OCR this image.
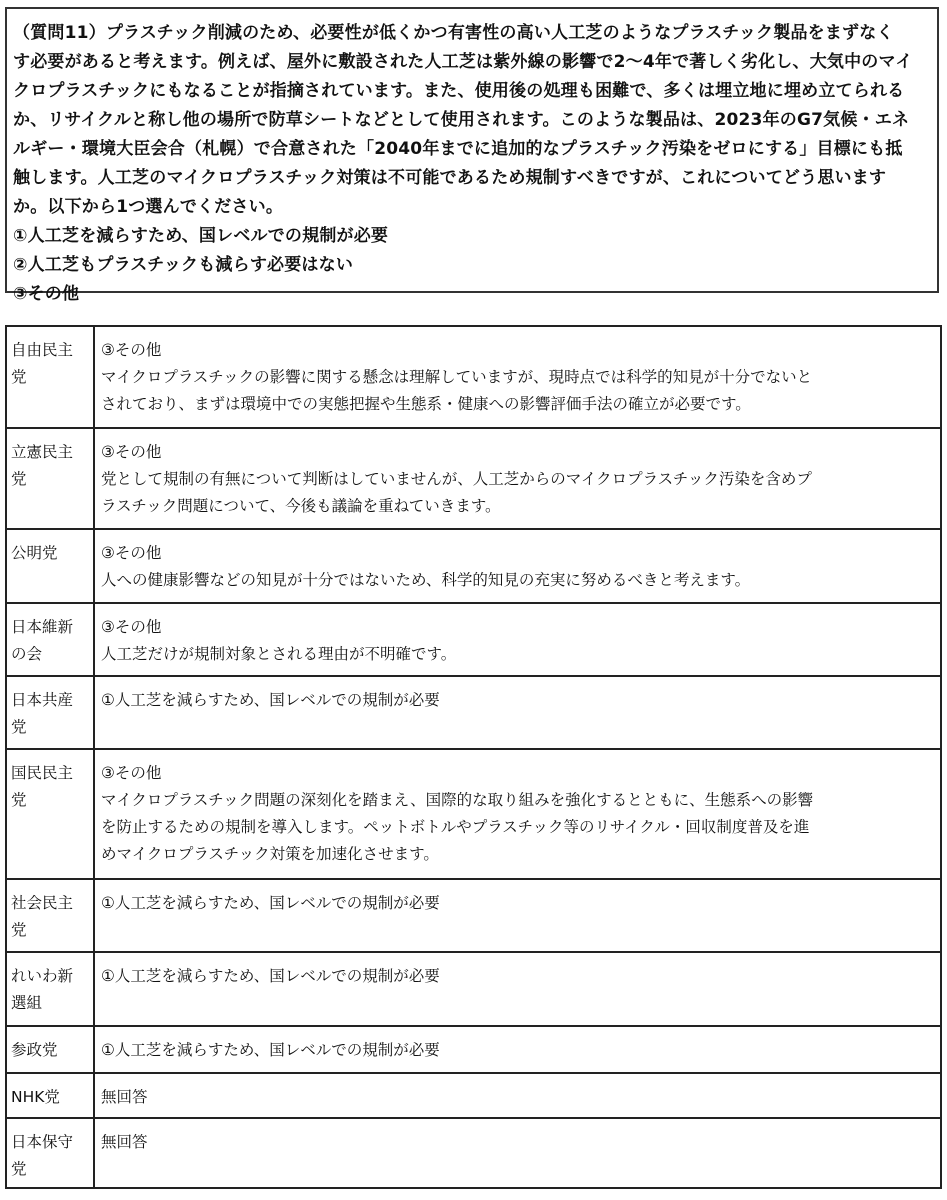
（質問11）プラスチック削減のため、必要性が低くかつ有害性の高い人工芝のようなプラスチック製品をまずなく
す必要があると考えます。例えば、屋外に敷設された人工芝は紫外線の影響で2〜4年で著しく劣化し、大気中のマイ
クロプラスチックにもなることが指摘されています。また、使用後の処理も困難で、多くは埋立地に埋め立てられる
か、リサイクルと称し他の場所で防草シートなどとして使用されます。このような製品は、2023年のG7気候・エネ
ルギー・環境大臣会合（札幌）で合意された「2040年までに追加的なプラスチック汚染をゼロにする」目標にも抵
触します。人工芝のマイクロプラスチック対策は不可能であるため規制すべきですが、これについてどう思います
か。以下から1つ選んでください。

①人工芝を減らすため、国レベルでの規制が必要
②人工芝もプラスチックも減らす必要はない
③その他

自由民主
党	③その他
マイクロプラスチックの影響に関する懸念は理解していますが、現時点では科学的知見が十分でないと
されており、まずは環境中での実態把握や生態系・健康への影響評価手法の確立が必要です。

立憲民主
党	③その他
党として規制の有無について判断はしていませんが、人工芝からのマイクロプラスチック汚染を含めプ
ラスチック問題について、今後も議論を重ねていきます。

公明党	③その他
人への健康影響などの知見が十分ではないため、科学的知見の充実に努めるべきと考えます。

日本維新
の会	③その他
人工芝だけが規制対象とされる理由が不明確です。

日本共産
党	①人工芝を減らすため、国レベルでの規制が必要

国民民主
党	③その他
マイクロプラスチック問題の深刻化を踏まえ、国際的な取り組みを強化するとともに、生態系への影響
を防止するための規制を導入します。ペットボトルやプラスチック等のリサイクル・回収制度普及を進
めマイクロプラスチック対策を加速化させます。

社会民主
党	①人工芝を減らすため、国レベルでの規制が必要

れいわ新
選組	①人工芝を減らすため、国レベルでの規制が必要

参政党	①人工芝を減らすため、国レベルでの規制が必要

NHK党	無回答

日本保守
党	無回答
